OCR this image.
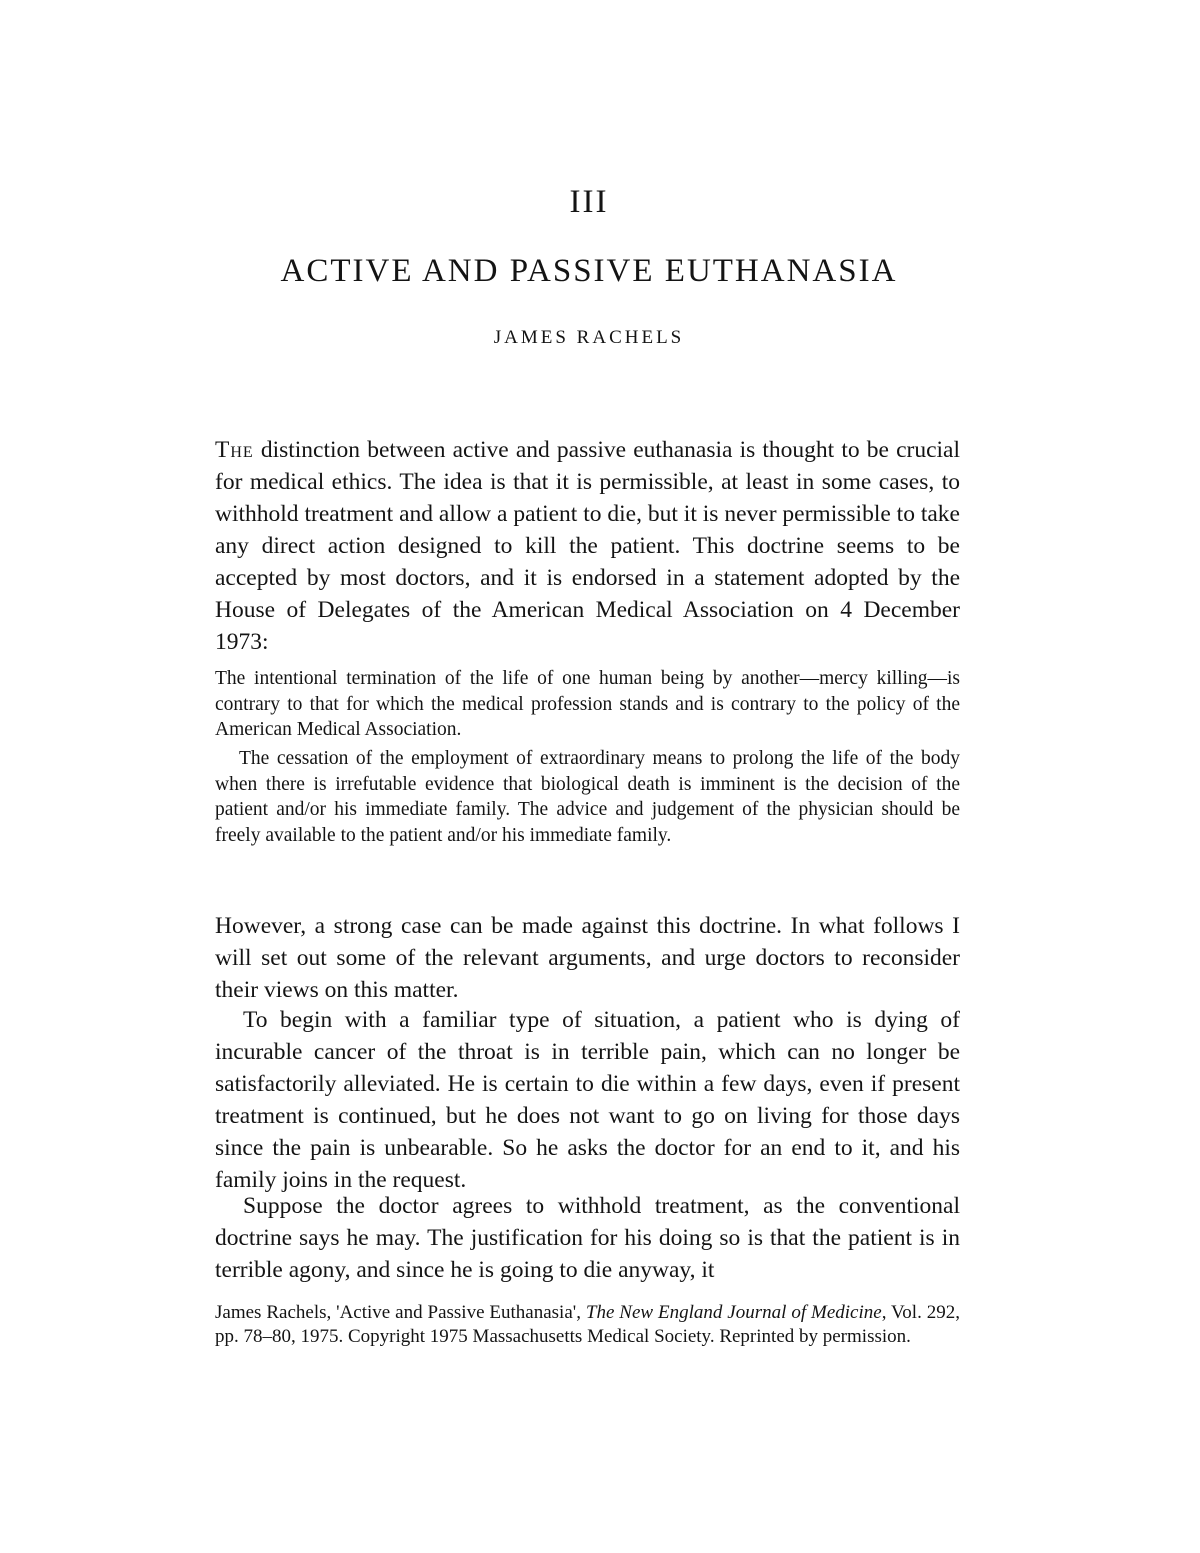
III
ACTIVE AND PASSIVE EUTHANASIA
JAMES RACHELS

The distinction between active and passive euthanasia is thought to be crucial for medical ethics. The idea is that it is permissible, at least in some cases, to withhold treatment and allow a patient to die, but it is never permissible to take any direct action designed to kill the patient. This doctrine seems to be accepted by most doctors, and it is endorsed in a statement adopted by the House of Delegates of the American Medical Association on 4 December 1973:

The intentional termination of the life of one human being by another—mercy killing—is contrary to that for which the medical profession stands and is contrary to the policy of the American Medical Association.

The cessation of the employment of extraordinary means to prolong the life of the body when there is irrefutable evidence that biological death is imminent is the decision of the patient and/or his immediate family. The advice and judgement of the physician should be freely available to the patient and/or his immediate family.

However, a strong case can be made against this doctrine. In what follows I will set out some of the relevant arguments, and urge doctors to reconsider their views on this matter.

To begin with a familiar type of situation, a patient who is dying of incurable cancer of the throat is in terrible pain, which can no longer be satisfactorily alleviated. He is certain to die within a few days, even if present treatment is continued, but he does not want to go on living for those days since the pain is unbearable. So he asks the doctor for an end to it, and his family joins in the request.

Suppose the doctor agrees to withhold treatment, as the conventional doctrine says he may. The justification for his doing so is that the patient is in terrible agony, and since he is going to die anyway, it

James Rachels, 'Active and Passive Euthanasia', The New England Journal of Medicine, Vol. 292, pp. 78–80, 1975. Copyright 1975 Massachusetts Medical Society. Reprinted by permission.
